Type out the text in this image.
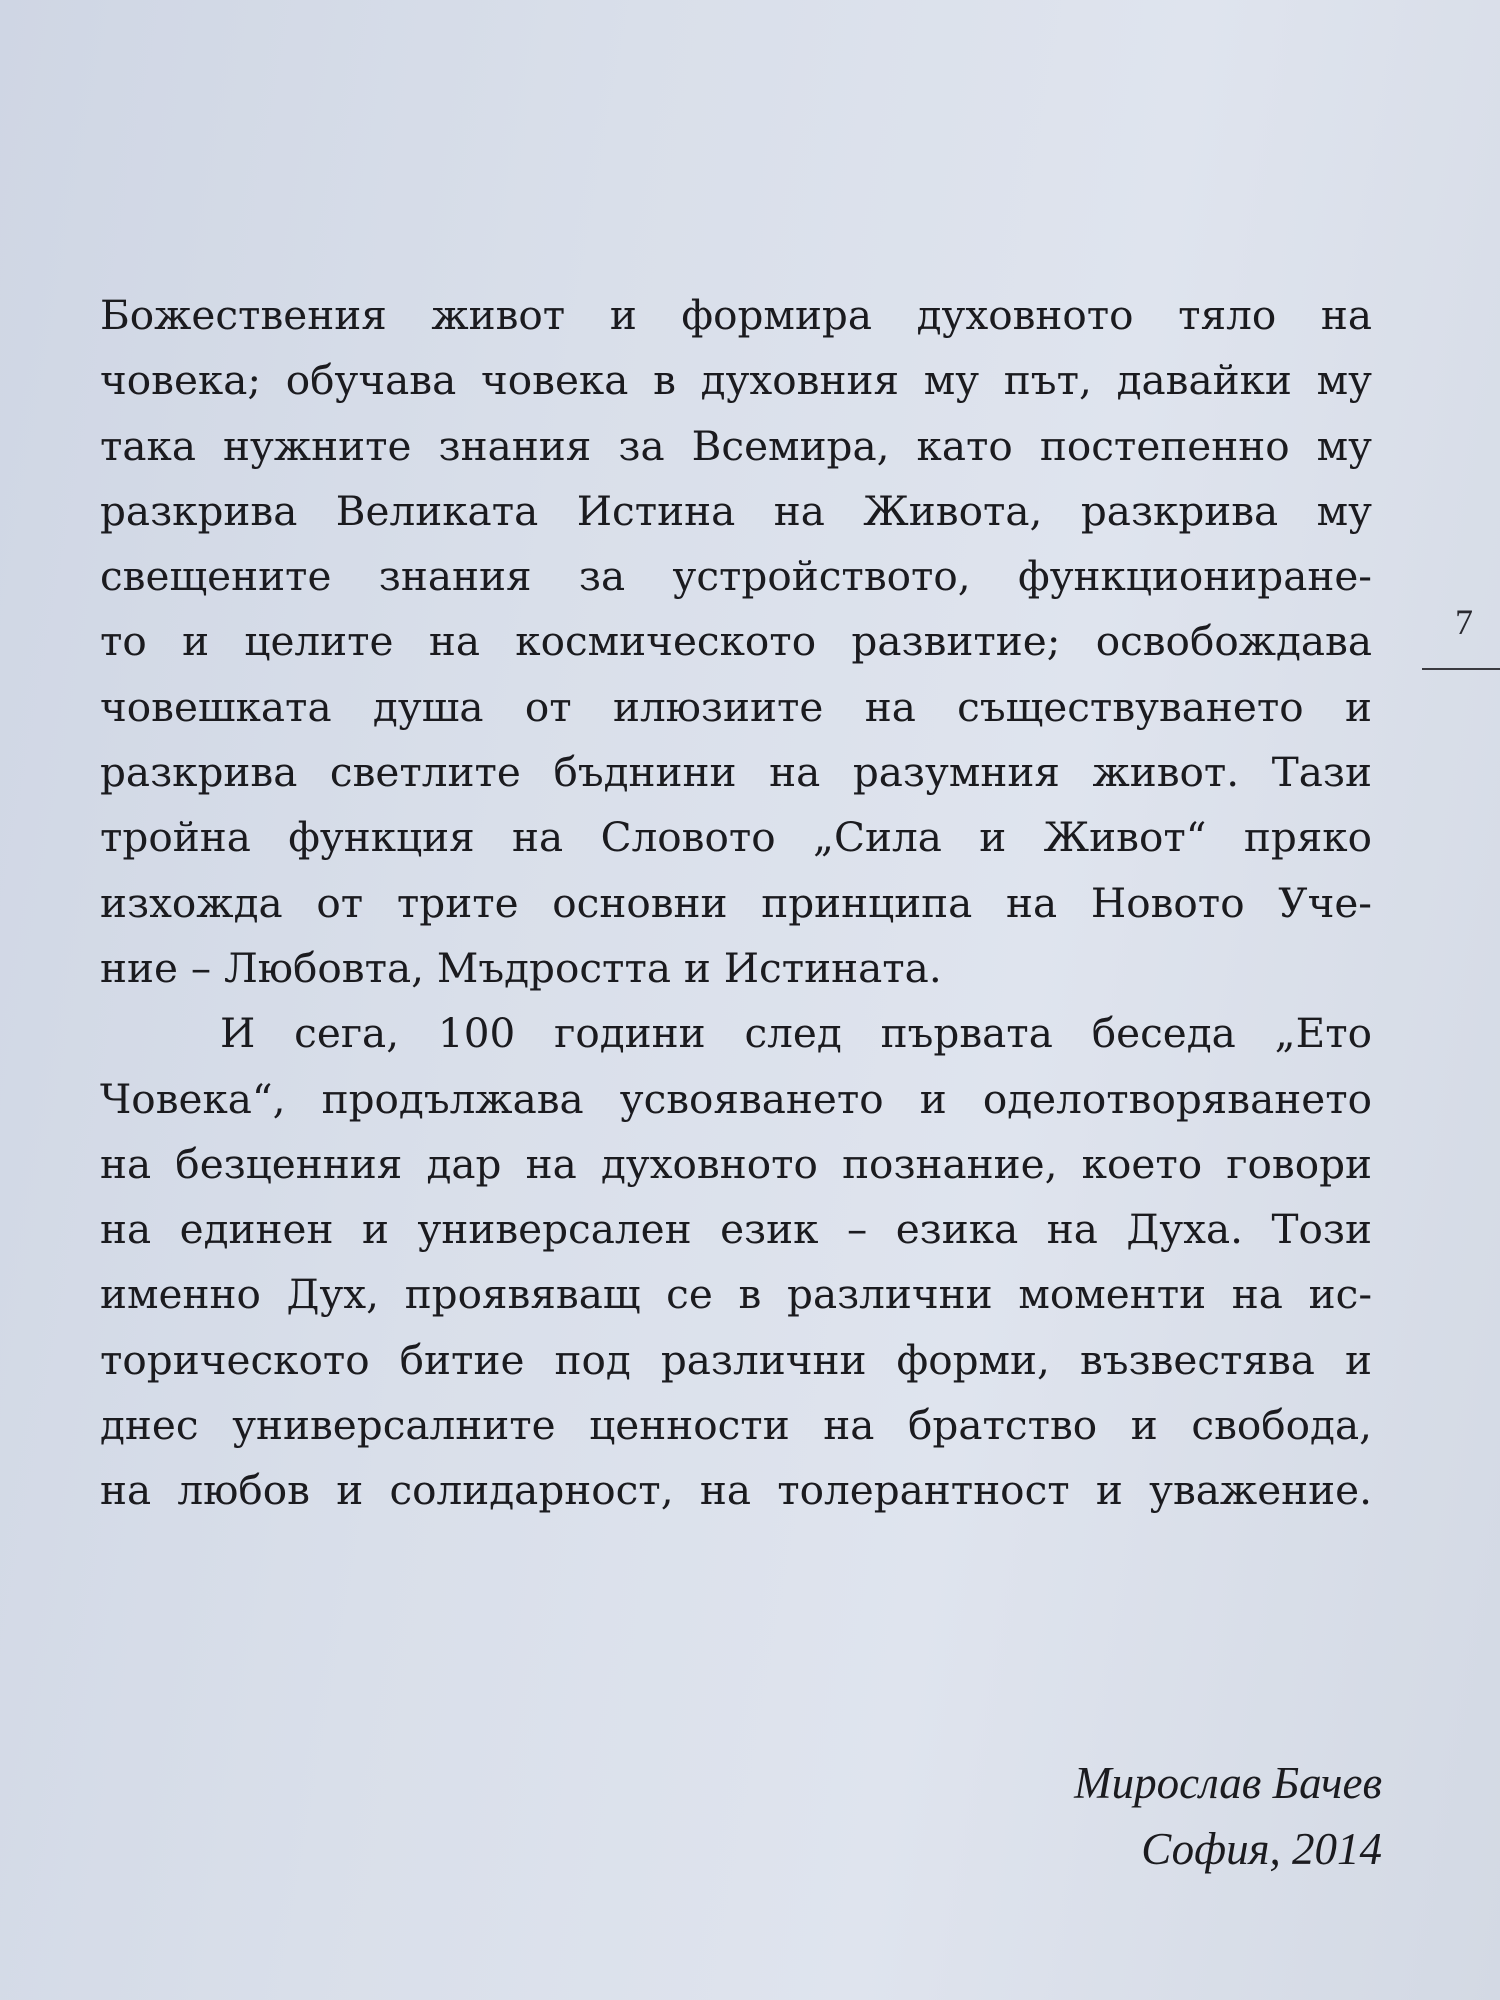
Божествения живот и формира духовното тяло на
човека; обучава човека в духовния му път, давайки му
така нужните знания за Всемира, като постепенно му
разкрива Великата Истина на Живота, разкрива му
свещените знания за устройството, функциониране-
то и целите на космическото развитие; освобождава
човешката душа от илюзиите на съществуването и
разкрива светлите бъднини на разумния живот. Тази
тройна функция на Словото „Сила и Живот“ пряко
изхожда от трите основни принципа на Новото Уче-
ние – Любовта, Мъдростта и Истината.

И сега, 100 години след първата беседа „Ето
Човека“, продължава усвояването и оделотворяването
на безценния дар на духовното познание, което говори
на единен и универсален език – езика на Духа. Този
именно Дух, проявяващ се в различни моменти на ис-
торическото битие под различни форми, възвестява и
днес универсалните ценности на братство и свобода,
на любов и солидарност, на толерантност и уважение.

Мирослав Бачев
София, 2014
7
